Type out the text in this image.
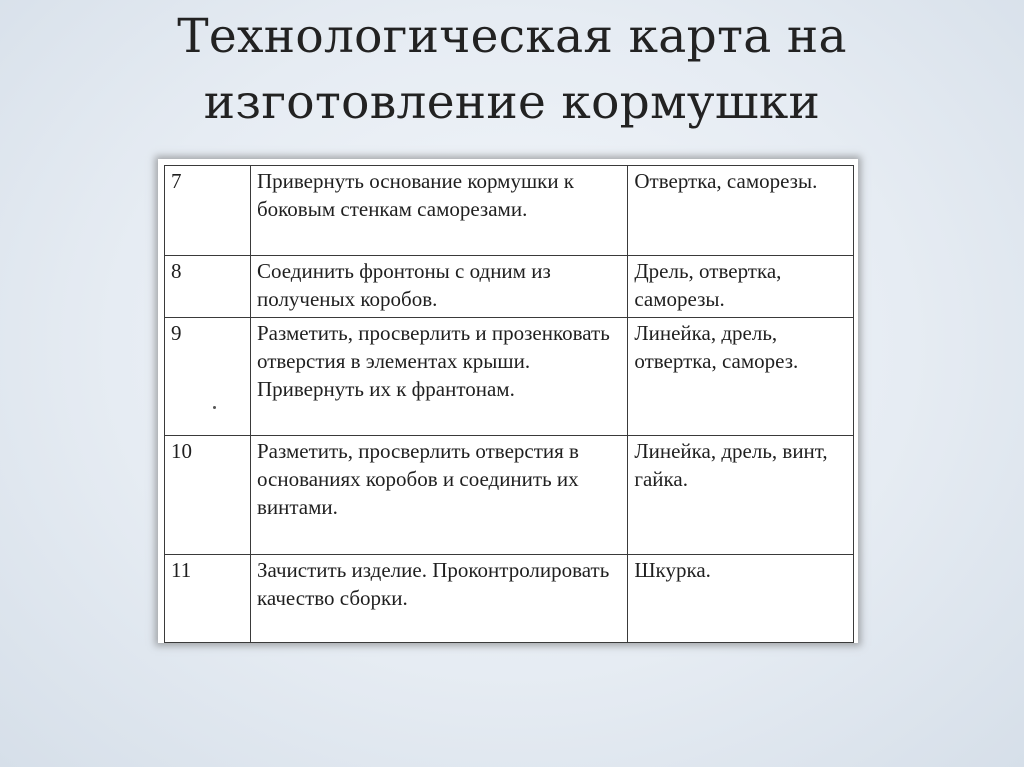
Технологическая карта на изготовление кормушки
7	Привернуть основание кормушки к боковым стенкам саморезами.	Отвертка, саморезы.
8	Соединить фронтоны с одним из полученых коробов.	Дрель, отвертка, саморезы.
9	Разметить, просверлить и прозенковать отверстия в элементах крыши. Привернуть их к франтонам.	Линейка, дрель, отвертка, саморез.
10	Разметить, просверлить отверстия в основаниях коробов и соединить их винтами.	Линейка, дрель, винт, гайка.
11	Зачистить изделие. Проконтролировать качество сборки.	Шкурка.
